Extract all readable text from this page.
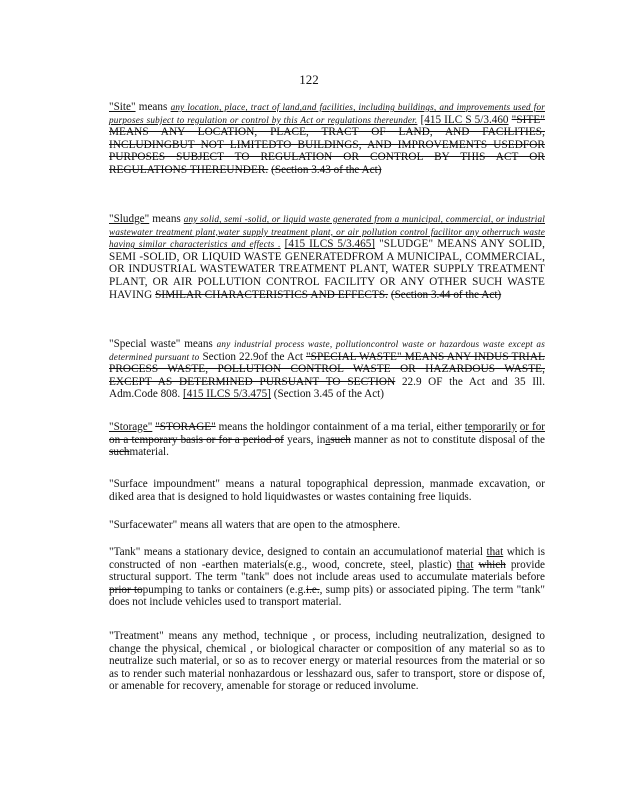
122
"Site" means any location, place, tract of land,and facilities, including buildings, and improvements used for purposes subject to regulation or control by this Act or regulations thereunder. [415 ILC S 5/3.460 "SITE" MEANS ANY LOCATION, PLACE, TRACT OF LAND, AND FACILITIES, INCLUDINGBUT NOT LIMITEDTO BUILDINGS, AND IMPROVEMENTS USEDFOR PURPOSES SUBJECT TO REGULATION OR CONTROL BY THIS ACT OR REGULATIONS THEREUNDER. (Section 3.43 of the Act)
"Sludge" means any solid, semi -solid, or liquid waste generated from a municipal, commercial, or industrial wastewater treatment plant,water supply treatment plant, or air pollution control facilitor any otherruch waste having similar characteristics and effects . [415 ILCS 5/3.465] "SLUDGE" MEANS ANY SOLID, SEMI -SOLID, OR LIQUID WASTE GENERATEDFROM A MUNICIPAL, COMMERCIAL, OR INDUSTRIAL WASTEWATER TREATMENT PLANT, WATER SUPPLY TREATMENT PLANT, OR AIR POLLUTION CONTROL FACILITY OR ANY OTHER SUCH WASTE HAVING SIMILAR CHARACTERISTICS AND EFFECTS. (Section 3.44 of the Act)
"Special waste" means any industrial process waste, pollutioncontrol waste or hazardous waste except as determined pursuant to Section 22.9of the Act "SPECIAL WASTE" MEANS ANY INDUS TRIAL PROCESS WASTE, POLLUTION CONTROL WASTE OR HAZARDOUS WASTE, EXCEPT AS DETERMINED PURSUANT TO SECTION 22.9 OF the Act and 35 Ill. Adm.Code 808. [415 ILCS 5/3.475] (Section 3.45 of the Act)
"Storage" "STORAGE" means the holdingor containment of a ma terial, either temporarily or for on a temporary basis or for a period of years, inasuch manner as not to constitute disposal of the suchmaterial.
"Surface impoundment" means a natural topographical depression, manmade excavation, or diked area that is designed to hold liquidwastes or wastes containing free liquids.
"Surfacewater" means all waters that are open to the atmosphere.
"Tank" means a stationary device, designed to contain an accumulationof material that which is constructed of non -earthen materials(e.g., wood, concrete, steel, plastic) that which provide structural support. The term "tank" does not include areas used to accumulate materials before prior topumping to tanks or containers (e.g.i.e., sump pits) or associated piping. The term "tank" does not include vehicles used to transport material.
"Treatment" means any method, technique , or process, including neutralization, designed to change the physical, chemical , or biological character or composition of any material so as to neutralize such material, or so as to recover energy or material resources from the material or so as to render such material nonhazardous or lesshazard ous, safer to transport, store or dispose of, or amenable for recovery, amenable for storage or reduced involume.
